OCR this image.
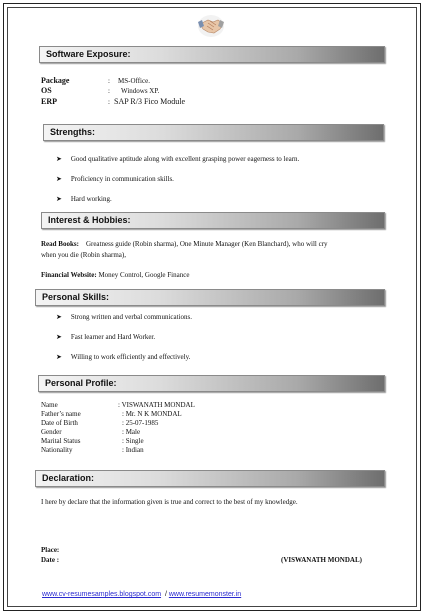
Software Exposure:
Package	: MS-Office.
OS	: Windows XP.
ERP	: SAP R/3 Fico Module
Strengths:
➤ Good qualitative aptitude along with excellent grasping power eagerness to learn.
➤ Proficiency in communication skills.
➤ Hard working.
Interest & Hobbies:
Read Books: Greatness guide (Robin sharma), One Minute Manager (Ken Blanchard), who will cry
when you die (Robin sharma),
Financial Website: Money Control, Google Finance
Personal Skills:
➤ Strong written and verbal communications.
➤ Fast learner and Hard Worker.
➤ Willing to work efficiently and effectively.
Personal Profile:
Name	: VISWANATH MONDAL
Father’s name	: Mr. N K MONDAL
Date of Birth	: 25-07-1985
Gender	: Male
Marital Status	: Single
Nationality	: Indian
Declaration:
I here by declare that the information given is true and correct to the best of my knowledge.
Place:
Date :	(VISWANATH MONDAL)
www.cv-resumesamples.blogspot.com / www.resumemonster.in
